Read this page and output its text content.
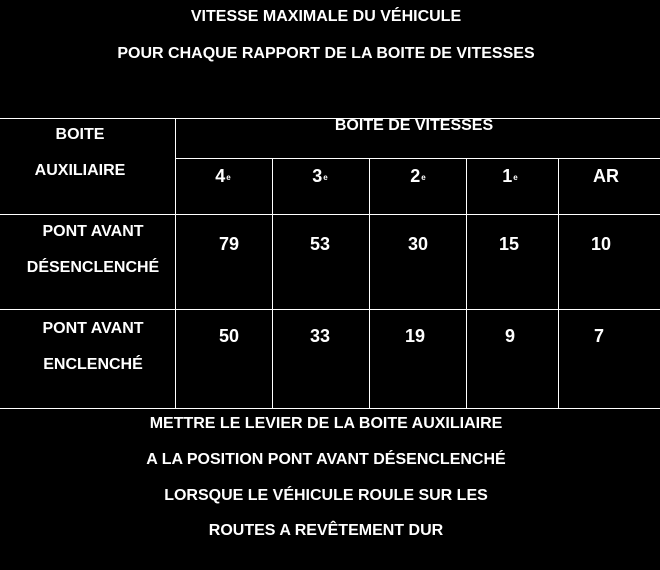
VITESSE MAXIMALE DU VÉHICULE
POUR CHAQUE RAPPORT DE LA BOITE DE VITESSES
BOITE
AUXILIAIRE
BOITE DE VITESSES
4e	3e	2e	1e	AR
PONT AVANT
DÉSENCLENCHÉ
79	53	30	15	10
PONT AVANT
ENCLENCHÉ
50	33	19	9	7
METTRE LE LEVIER DE LA BOITE AUXILIAIRE
A LA POSITION PONT AVANT DÉSENCLENCHÉ
LORSQUE LE VÉHICULE ROULE SUR LES
ROUTES A REVÊTEMENT DUR
